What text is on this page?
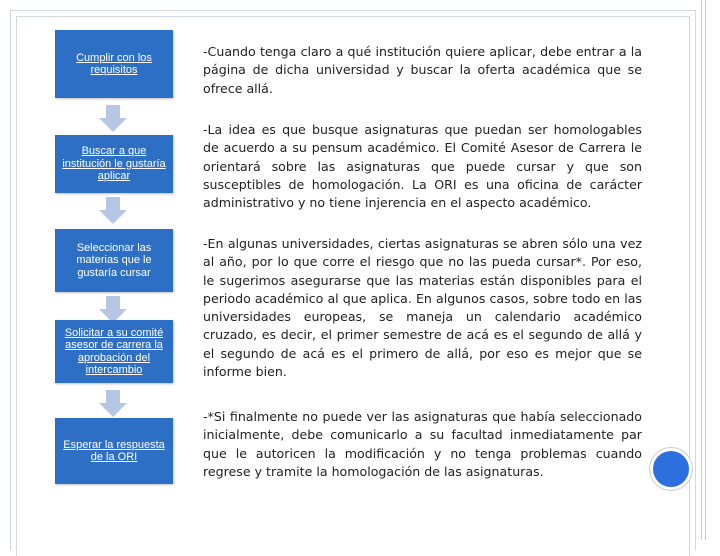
Cumplir con los requisitos
Buscar a que institución le gustaría aplicar
Seleccionar las materias que le gustaría cursar
Solicitar a su comité asesor de carrera la aprobación del intercambio
Esperar la respuesta de la ORI

-Cuando tenga claro a qué institución quiere aplicar, debe entrar a la página de dicha universidad y buscar la oferta académica que se ofrece allá.

-La idea es que busque asignaturas que puedan ser homologables de acuerdo a su pensum académico. El Comité Asesor de Carrera le orientará sobre las asignaturas que puede cursar y que son susceptibles de homologación. La ORI es una oficina de carácter administrativo y no tiene injerencia en el aspecto académico.

-En algunas universidades, ciertas asignaturas se abren sólo una vez al año, por lo que corre el riesgo que no las pueda cursar*. Por eso, le sugerimos asegurarse que las materias están disponibles para el periodo académico al que aplica. En algunos casos, sobre todo en las universidades europeas, se maneja un calendario académico cruzado, es decir, el primer semestre de acá es el segundo de allá y el segundo de acá es el primero de allá, por eso es mejor que se informe bien.

-*Si finalmente no puede ver las asignaturas que había seleccionado inicialmente, debe comunicarlo a su facultad inmediatamente par que le autoricen la modificación y no tenga problemas cuando regrese y tramite la homologación de las asignaturas.
